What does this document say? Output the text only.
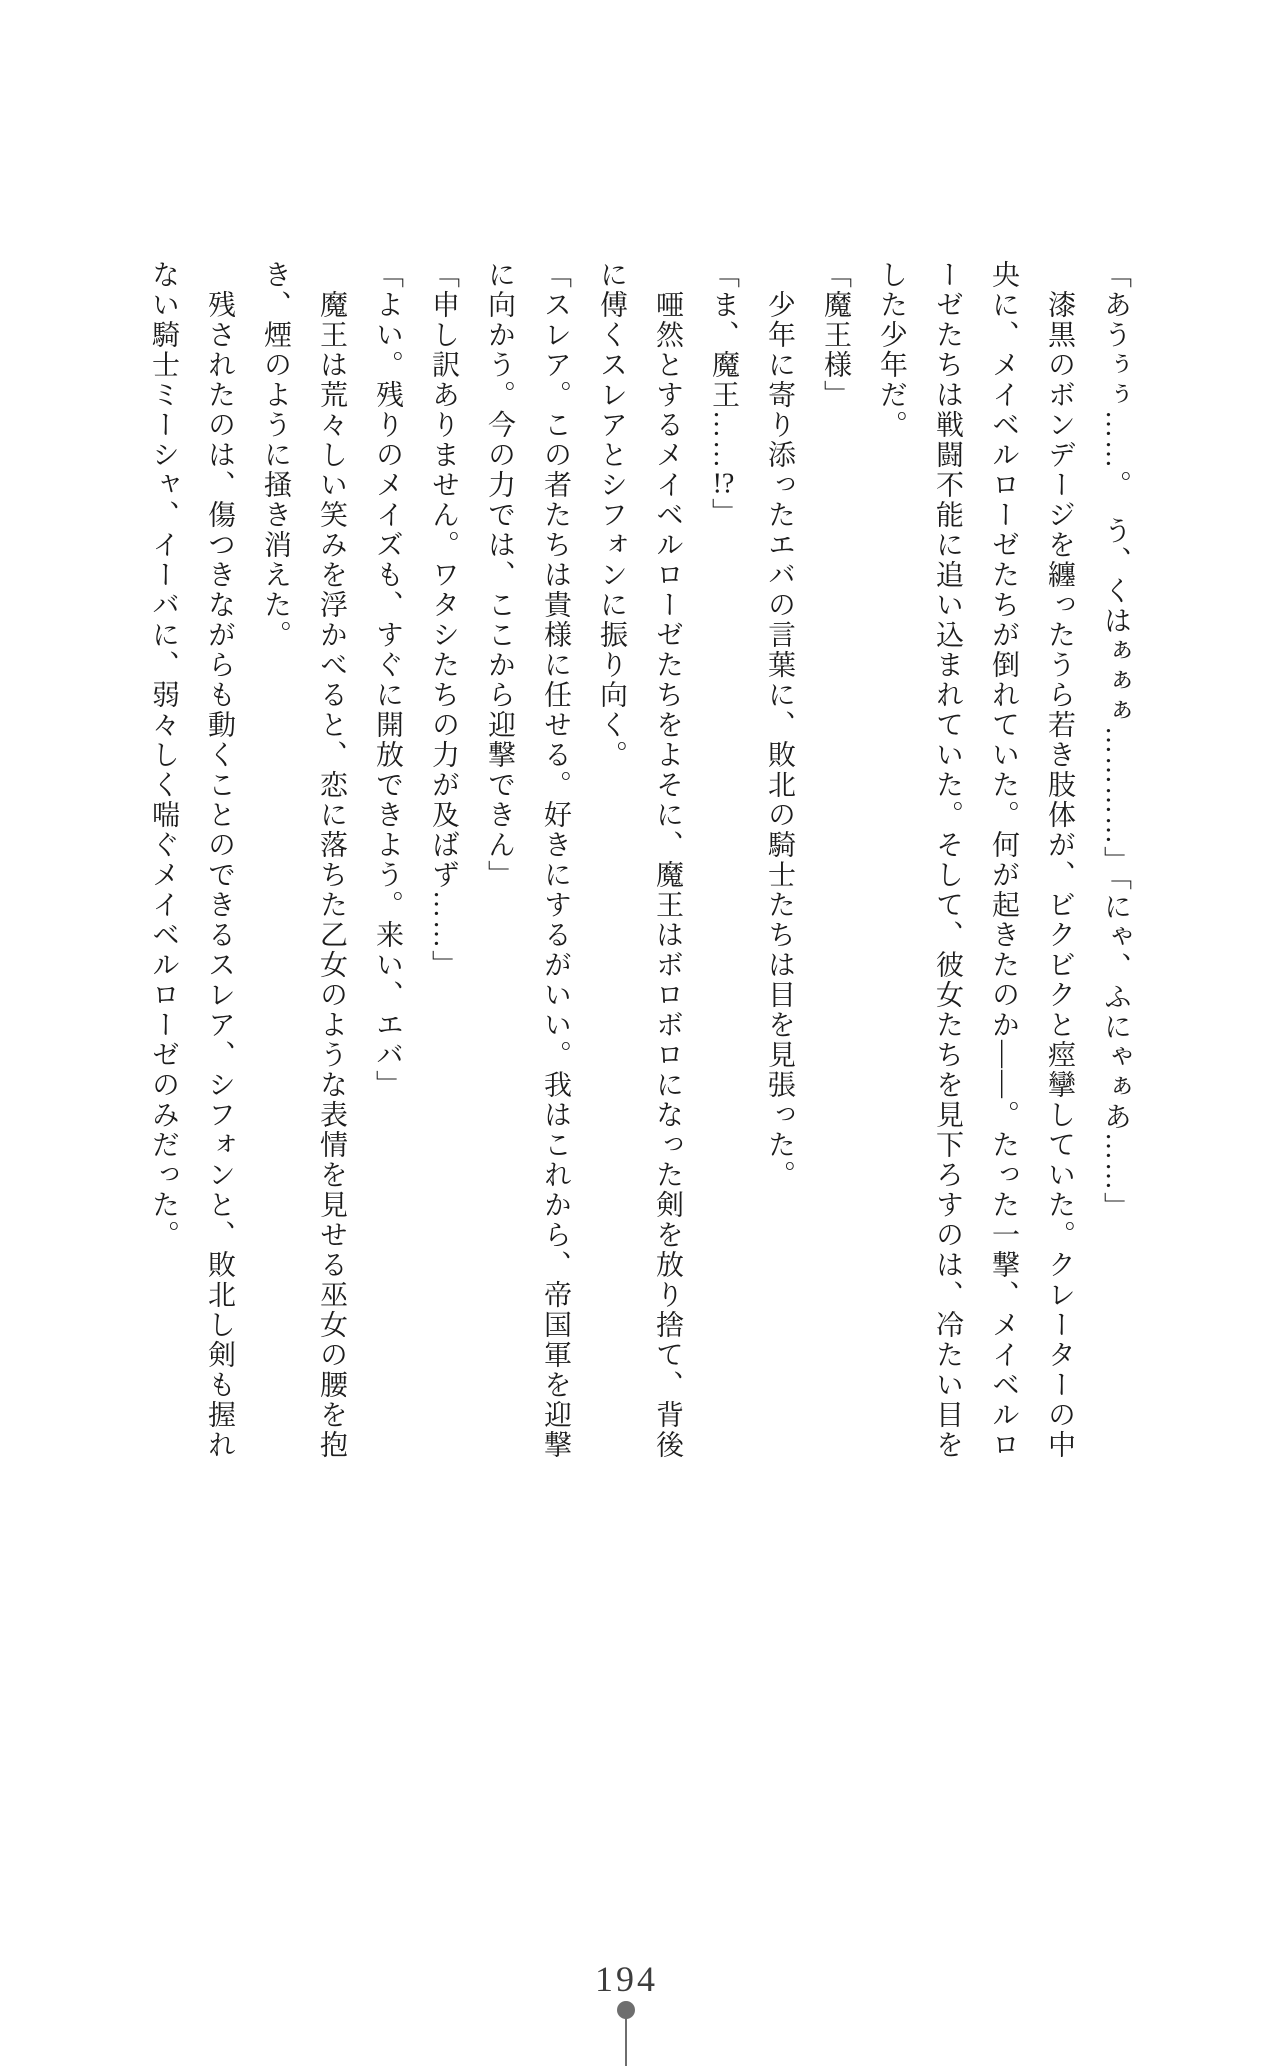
「あうぅぅ……。　う、くはぁぁぁ…………」「にゃ、ふにゃぁあ……」

　漆黒のボンデージを纏ったうら若き肢体が、ビクビクと痙攣していた。クレーターの中央に、メイベルローゼたちが倒れていた。何が起きたのか――。たった一撃、メイベルローゼたちは戦闘不能に追い込まれていた。そして、彼女たちを見下ろすのは、冷たい目をした少年だ。

「魔王様」

　少年に寄り添ったエバの言葉に、敗北の騎士たちは目を見張った。

「ま、魔王……!?」

　唖然とするメイベルローゼたちをよそに、魔王はボロボロになった剣を放り捨て、背後に傅くスレアとシフォンに振り向く。

「スレア。この者たちは貴様に任せる。好きにするがいい。我はこれから、帝国軍を迎撃に向かう。今の力では、ここから迎撃できん」

「申し訳ありません。ワタシたちの力が及ばず……」

「よい。残りのメイズも、すぐに開放できよう。来い、エバ」

　魔王は荒々しい笑みを浮かべると、恋に落ちた乙女のような表情を見せる巫女の腰を抱き、煙のように掻き消えた。

　残されたのは、傷つきながらも動くことのできるスレア、シフォンと、敗北し剣も握れない騎士ミーシャ、イーバに、弱々しく喘ぐメイベルローゼのみだった。

194
